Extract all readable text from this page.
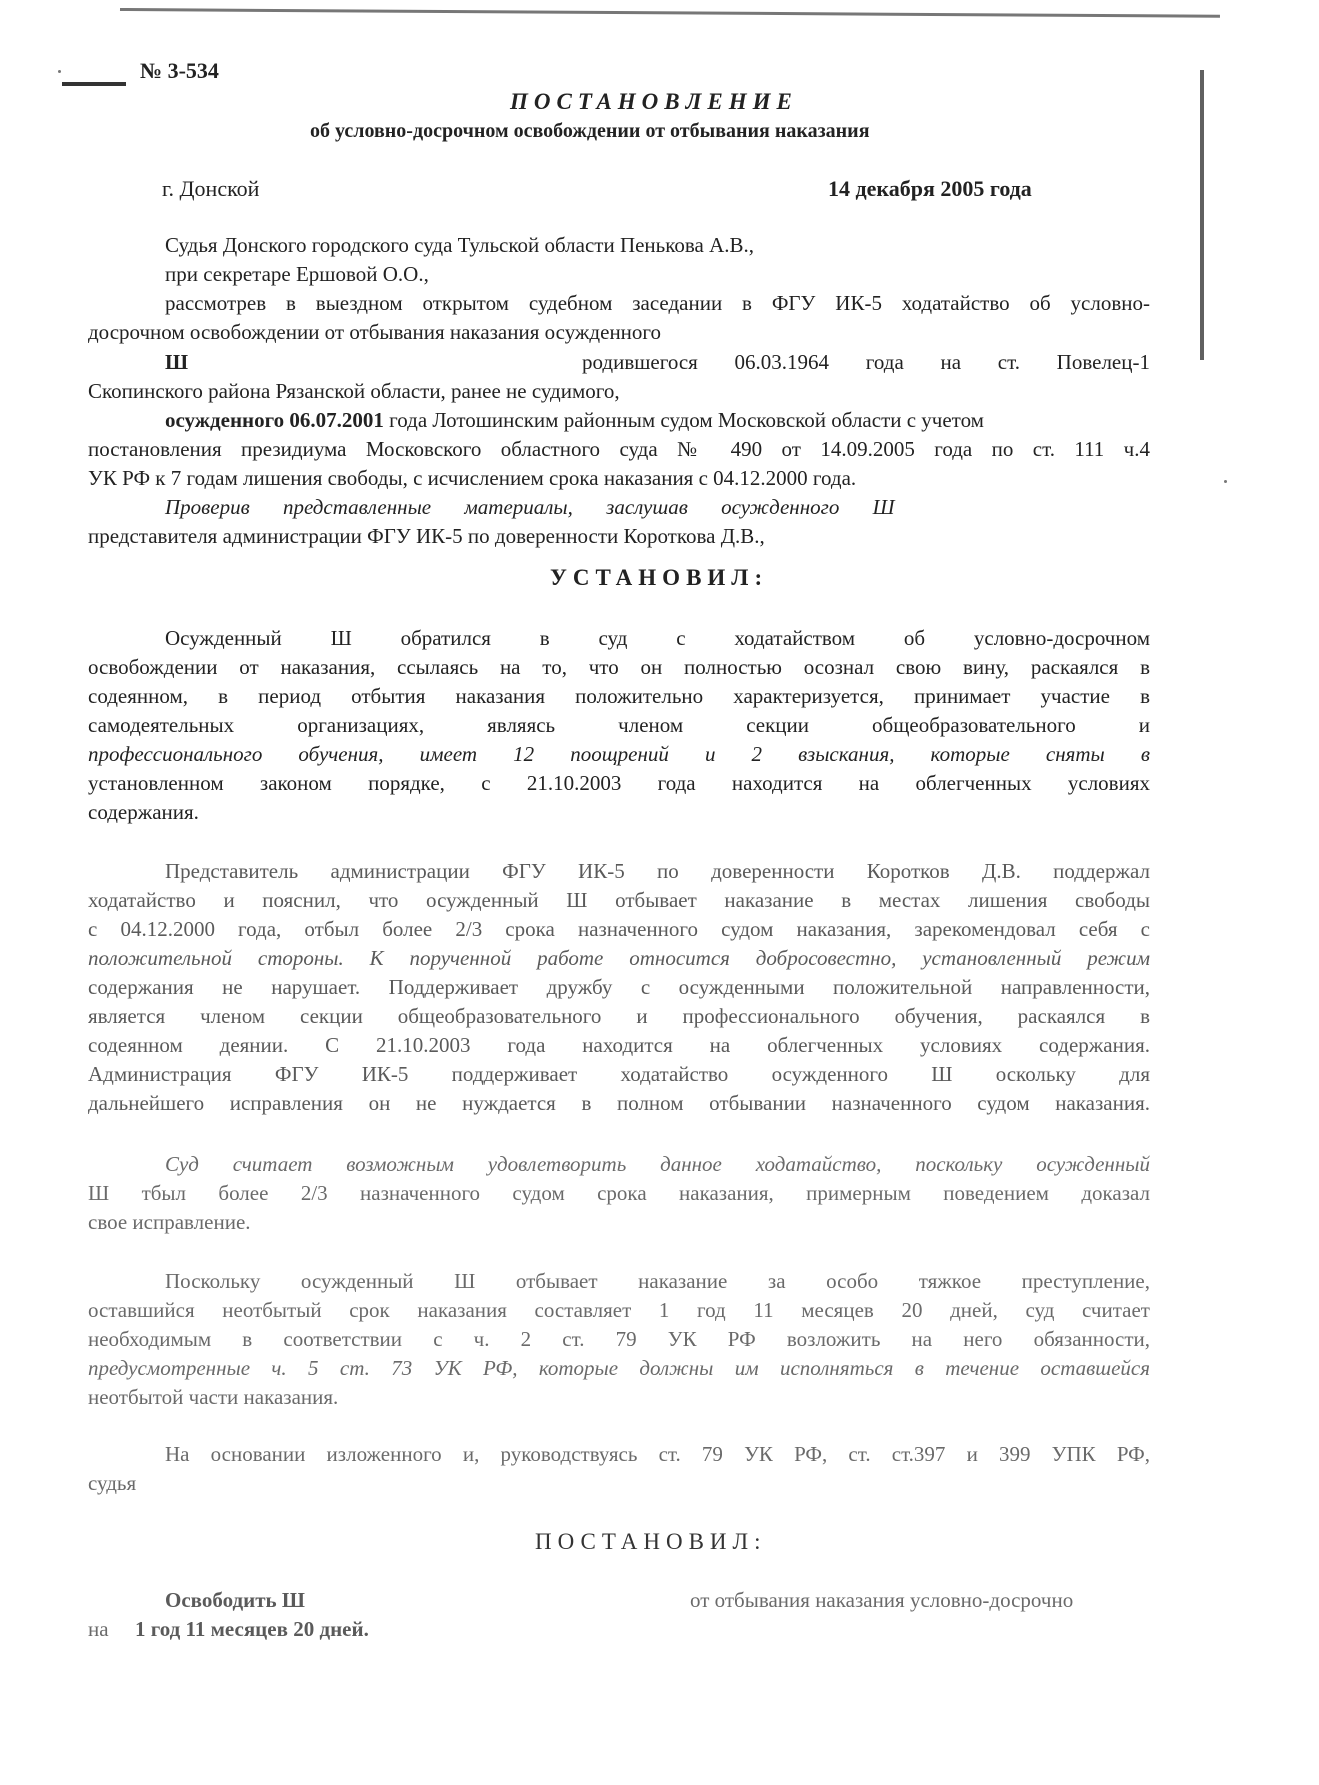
№ 3-534
ПОСТАНОВЛЕНИЕ
об условно-досрочном освобождении от отбывания наказания
г. Донской	14 декабря 2005 года
Судья Донского городского суда Тульской области Пенькова А.В.,
при секретаре Ершовой О.О.,
рассмотрев в выездном открытом судебном заседании в ФГУ ИК-5 ходатайство об условно-
досрочном освобождении от отбывания наказания осужденного
Ш	родившегося 06.03.1964 года на ст. Повелец-1
Скопинского района Рязанской области, ранее не судимого,
осужденного 06.07.2001 года Лотошинским районным судом Московской области с учетом
постановления президиума Московского областного суда № 490 от 14.09.2005 года по ст. 111 ч.4
УК РФ к 7 годам лишения свободы, с исчислением срока наказания с 04.12.2000 года.
Проверив представленные материалы, заслушав осужденного Ш
представителя администрации ФГУ ИК-5 по доверенности Короткова Д.В.,
УСТАНОВИЛ:
Осужденный Ш обратился в суд с ходатайством об условно-досрочном
освобождении от наказания, ссылаясь на то, что он полностью осознал свою вину, раскаялся в
содеянном, в период отбытия наказания положительно характеризуется, принимает участие в
самодеятельных организациях, являясь членом секции общеобразовательного и
профессионального обучения, имеет 12 поощрений и 2 взыскания, которые сняты в
установленном законом порядке, с 21.10.2003 года находится на облегченных условиях
содержания.
Представитель администрации ФГУ ИК-5 по доверенности Коротков Д.В. поддержал
ходатайство и пояснил, что осужденный Ш отбывает наказание в местах лишения свободы
с 04.12.2000 года, отбыл более 2/3 срока назначенного судом наказания, зарекомендовал себя с
положительной стороны. К порученной работе относится добросовестно, установленный режим
содержания не нарушает. Поддерживает дружбу с осужденными положительной направленности,
является членом секции общеобразовательного и профессионального обучения, раскаялся в
содеянном деянии. С 21.10.2003 года находится на облегченных условиях содержания.
Администрация ФГУ ИК-5 поддерживает ходатайство осужденного Ш оскольку для
дальнейшего исправления он не нуждается в полном отбывании назначенного судом наказания.
Суд считает возможным удовлетворить данное ходатайство, поскольку осужденный
Ш тбыл более 2/3 назначенного судом срока наказания, примерным поведением доказал
свое исправление.
Поскольку осужденный Ш отбывает наказание за особо тяжкое преступление,
оставшийся неотбытый срок наказания составляет 1 год 11 месяцев 20 дней, суд считает
необходимым в соответствии с ч. 2 ст. 79 УК РФ возложить на него обязанности,
предусмотренные ч. 5 ст. 73 УК РФ, которые должны им исполняться в течение оставшейся
неотбытой части наказания.
На основании изложенного и, руководствуясь ст. 79 УК РФ, ст. ст.397 и 399 УПК РФ,
судья
ПОСТАНОВИЛ:
Освободить Ш	от отбывания наказания условно-досрочно
на 1 год 11 месяцев 20 дней.
